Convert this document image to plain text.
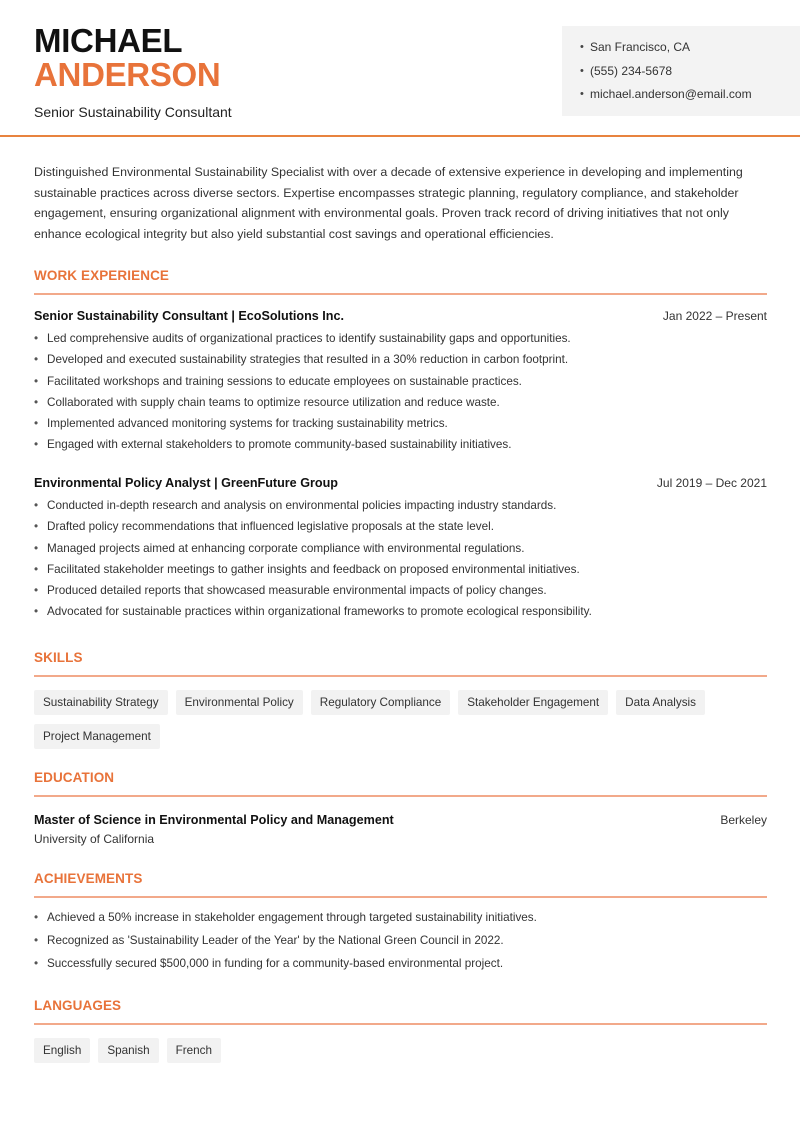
MICHAEL
ANDERSON
Senior Sustainability Consultant
• San Francisco, CA
• (555) 234-5678
• michael.anderson@email.com

Distinguished Environmental Sustainability Specialist with over a decade of extensive experience in developing and implementing sustainable practices across diverse sectors. Expertise encompasses strategic planning, regulatory compliance, and stakeholder engagement, ensuring organizational alignment with environmental goals. Proven track record of driving initiatives that not only enhance ecological integrity but also yield substantial cost savings and operational efficiencies.

WORK EXPERIENCE
Senior Sustainability Consultant | EcoSolutions Inc.	Jan 2022 – Present
• Led comprehensive audits of organizational practices to identify sustainability gaps and opportunities.
• Developed and executed sustainability strategies that resulted in a 30% reduction in carbon footprint.
• Facilitated workshops and training sessions to educate employees on sustainable practices.
• Collaborated with supply chain teams to optimize resource utilization and reduce waste.
• Implemented advanced monitoring systems for tracking sustainability metrics.
• Engaged with external stakeholders to promote community-based sustainability initiatives.
Environmental Policy Analyst | GreenFuture Group	Jul 2019 – Dec 2021
• Conducted in-depth research and analysis on environmental policies impacting industry standards.
• Drafted policy recommendations that influenced legislative proposals at the state level.
• Managed projects aimed at enhancing corporate compliance with environmental regulations.
• Facilitated stakeholder meetings to gather insights and feedback on proposed environmental initiatives.
• Produced detailed reports that showcased measurable environmental impacts of policy changes.
• Advocated for sustainable practices within organizational frameworks to promote ecological responsibility.
SKILLS
Sustainability Strategy	Environmental Policy	Regulatory Compliance	Stakeholder Engagement	Data Analysis
Project Management
EDUCATION
Master of Science in Environmental Policy and Management	Berkeley
University of California
ACHIEVEMENTS
• Achieved a 50% increase in stakeholder engagement through targeted sustainability initiatives.
• Recognized as 'Sustainability Leader of the Year' by the National Green Council in 2022.
• Successfully secured $500,000 in funding for a community-based environmental project.
LANGUAGES
English	Spanish	French
